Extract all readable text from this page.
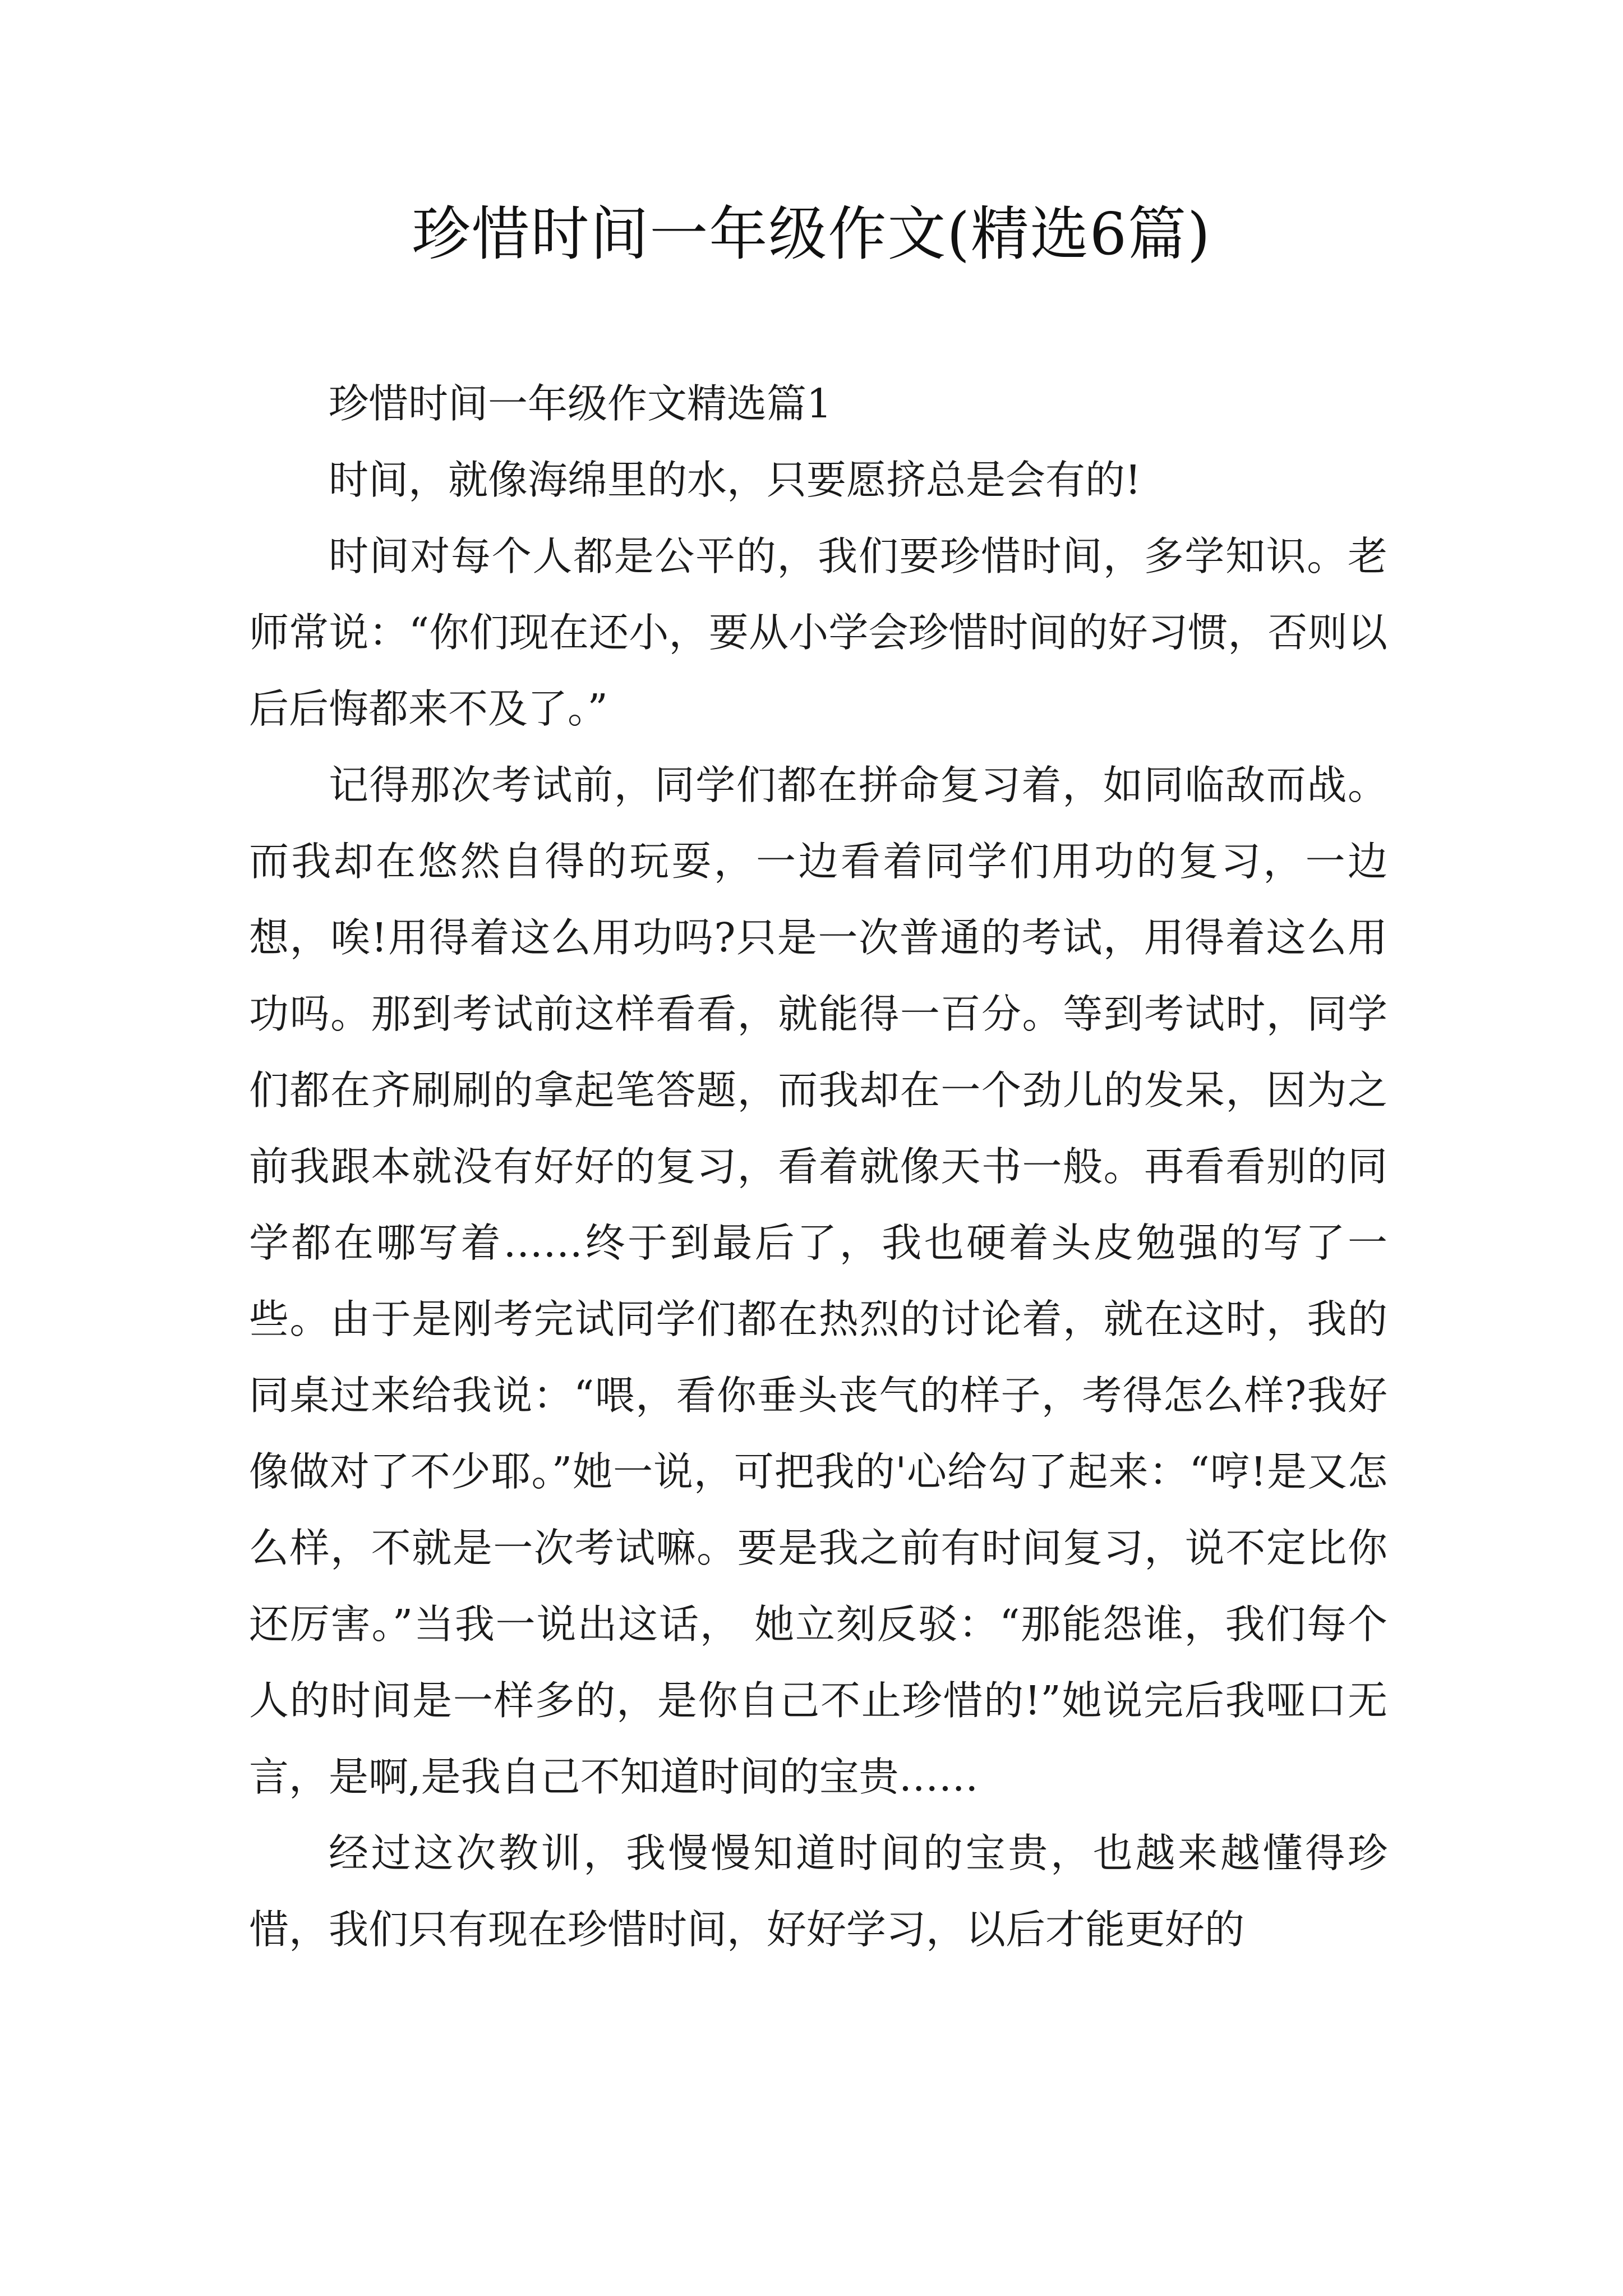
珍惜时间一年级作文(精选6篇)

珍惜时间一年级作文精选篇1

时间，就像海绵里的水，只要愿挤总是会有的!

时间对每个人都是公平的，我们要珍惜时间，多学知识。老师常说：“你们现在还小，要从小学会珍惜时间的好习惯，否则以后后悔都来不及了。”

记得那次考试前，同学们都在拼命复习着，如同临敌而战。而我却在悠然自得的玩耍，一边看着同学们用功的复习，一边想，唉!用得着这么用功吗?只是一次普通的考试，用得着这么用功吗。那到考试前这样看看，就能得一百分。等到考试时，同学们都在齐刷刷的拿起笔答题，而我却在一个劲儿的发呆，因为之前我跟本就没有好好的复习，看着就像天书一般。再看看别的同学都在哪写着……终于到最后了，我也硬着头皮勉强的写了一些。由于是刚考完试同学们都在热烈的讨论着，就在这时，我的同桌过来给我说：“喂，看你垂头丧气的样子，考得怎么样?我好像做对了不少耶。”她一说，可把我的'心给勾了起来：“哼!是又怎么样，不就是一次考试嘛。要是我之前有时间复习，说不定比你还厉害。”当我一说出这话， 她立刻反驳：“那能怨谁，我们每个人的时间是一样多的，是你自己不止珍惜的!”她说完后我哑口无言，是啊,是我自己不知道时间的宝贵……

经过这次教训，我慢慢知道时间的宝贵，也越来越懂得珍惜，我们只有现在珍惜时间，好好学习，以后才能更好的
